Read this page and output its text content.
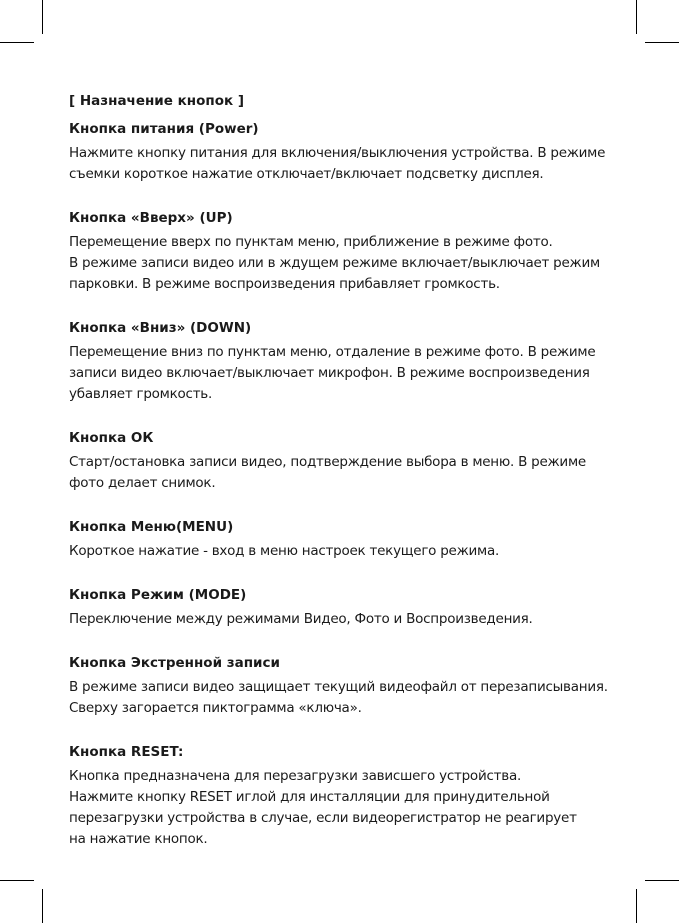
[ Назначение кнопок ]
Кнопка питания (Power)
Нажмите кнопку питания для включения/выключения устройства. В режиме
съемки короткое нажатие отключает/включает подсветку дисплея.
Кнопка «Вверх» (UP)
Перемещение вверх по пунктам меню, приближение в режиме фото.
В режиме записи видео или в ждущем режиме включает/выключает режим
парковки. В режиме воспроизведения прибавляет громкость.
Кнопка «Вниз» (DOWN)
Перемещение вниз по пунктам меню, отдаление в режиме фото. В режиме
записи видео включает/выключает микрофон. В режиме воспроизведения
убавляет громкость.
Кнопка ОК
Старт/остановка записи видео, подтверждение выбора в меню. В режиме
фото делает снимок.
Кнопка Меню(MENU)
Короткое нажатие - вход в меню настроек текущего режима.
Кнопка Режим (MODE)
Переключение между режимами Видео, Фото и Воспроизведения.
Кнопка Экстренной записи
В режиме записи видео защищает текущий видеофайл от перезаписывания.
Сверху загорается пиктограмма «ключа».
Кнопка RESET:
Кнопка предназначена для перезагрузки зависшего устройства.
Нажмите кнопку RESET иглой для инсталляции для принудительной
перезагрузки устройства в случае, если видеорегистратор не реагирует
на нажатие кнопок.
